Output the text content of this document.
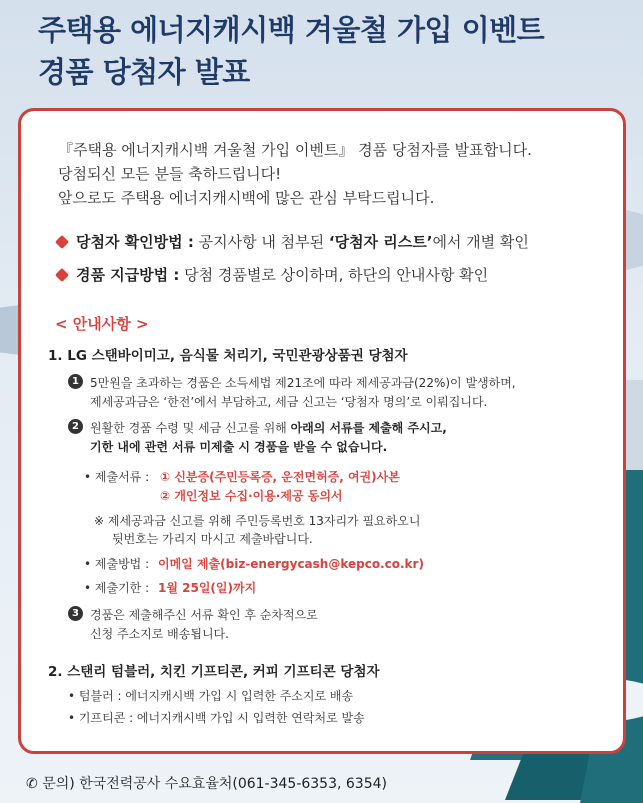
주택용 에너지캐시백 겨울철 가입 이벤트
경품 당첨자 발표
『주택용 에너지캐시백 겨울철 가입 이벤트』 경품 당첨자를 발표합니다.
당첨되신 모든 분들 축하드립니다!
앞으로도 주택용 에너지캐시백에 많은 관심 부탁드립니다.
당첨자 확인방법 : 공지사항 내 첨부된 ‘당첨자 리스트’에서 개별 확인
경품 지급방법 : 당첨 경품별로 상이하며, 하단의 안내사항 확인
< 안내사항 >
1. LG 스탠바이미고, 음식물 처리기, 국민관광상품권 당첨자
1 5만원을 초과하는 경품은 소득세법 제21조에 따라 제세공과금(22%)이 발생하며,
제세공과금은 ‘한전’에서 부담하고, 세금 신고는 ‘당첨자 명의’로 이뤄집니다.
2 원활한 경품 수령 및 세금 신고를 위해 아래의 서류를 제출해 주시고,
기한 내에 관련 서류 미제출 시 경품을 받을 수 없습니다.
• 제출서류 : ① 신분증(주민등록증, 운전면허증, 여권)사본
② 개인정보 수집·이용·제공 동의서
※ 제세공과금 신고를 위해 주민등록번호 13자리가 필요하오니
뒷번호는 가리지 마시고 제출바랍니다.
• 제출방법 : 이메일 제출(biz-energycash@kepco.co.kr)
• 제출기한 : 1월 25일(일)까지
3 경품은 제출해주신 서류 확인 후 순차적으로
신청 주소지로 배송됩니다.
2. 스탠리 텀블러, 치킨 기프티콘, 커피 기프티콘 당첨자
• 텀블러 : 에너지캐시백 가입 시 입력한 주소지로 배송
• 기프티콘 : 에너지캐시백 가입 시 입력한 연락처로 발송
✆ 문의) 한국전력공사 수요효율처(061-345-6353, 6354)
